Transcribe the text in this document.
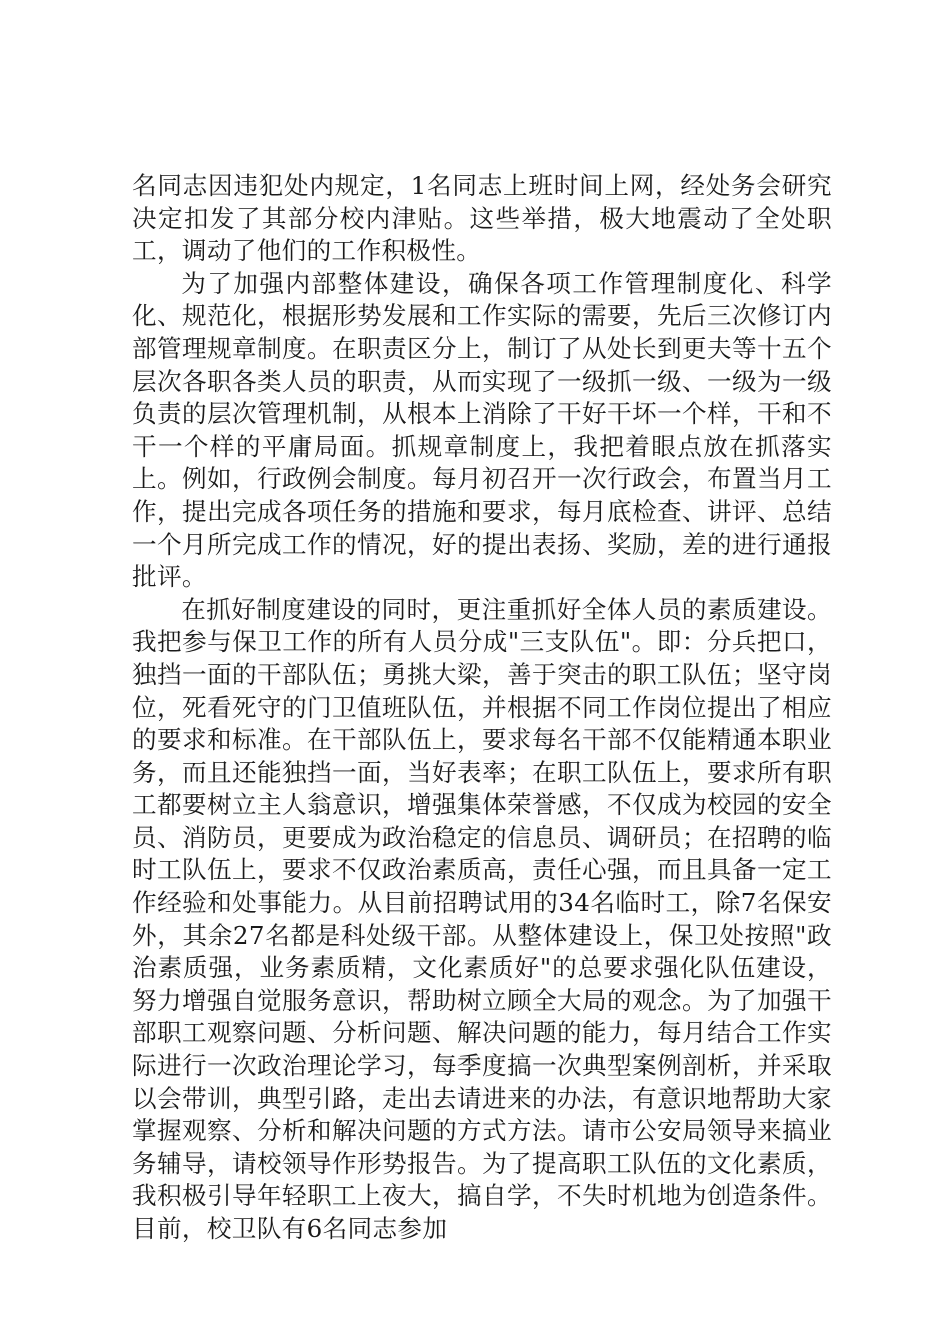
名同志因违犯处内规定，1名同志上班时间上网，经处务会研究决定扣发了其部分校内津贴。这些举措，极大地震动了全处职工，调动了他们的工作积极性。

为了加强内部整体建设，确保各项工作管理制度化、科学化、规范化，根据形势发展和工作实际的需要，先后三次修订内部管理规章制度。在职责区分上，制订了从处长到更夫等十五个层次各职各类人员的职责，从而实现了一级抓一级、一级为一级负责的层次管理机制，从根本上消除了干好干坏一个样，干和不干一个样的平庸局面。抓规章制度上，我把着眼点放在抓落实上。例如，行政例会制度。每月初召开一次行政会，布置当月工作，提出完成各项任务的措施和要求，每月底检查、讲评、总结一个月所完成工作的情况，好的提出表扬、奖励，差的进行通报批评。

在抓好制度建设的同时，更注重抓好全体人员的素质建设。我把参与保卫工作的所有人员分成"三支队伍"。即：分兵把口，独挡一面的干部队伍；勇挑大梁，善于突击的职工队伍；坚守岗位，死看死守的门卫值班队伍，并根据不同工作岗位提出了相应的要求和标准。在干部队伍上，要求每名干部不仅能精通本职业务，而且还能独挡一面，当好表率；在职工队伍上，要求所有职工都要树立主人翁意识，增强集体荣誉感，不仅成为校园的安全员、消防员，更要成为政治稳定的信息员、调研员；在招聘的临时工队伍上，要求不仅政治素质高，责任心强，而且具备一定工作经验和处事能力。从目前招聘试用的34名临时工，除7名保安外，其余27名都是科处级干部。从整体建设上，保卫处按照"政治素质强，业务素质精，文化素质好"的总要求强化队伍建设，努力增强自觉服务意识，帮助树立顾全大局的观念。为了加强干部职工观察问题、分析问题、解决问题的能力，每月结合工作实际进行一次政治理论学习，每季度搞一次典型案例剖析，并采取以会带训，典型引路，走出去请进来的办法，有意识地帮助大家掌握观察、分析和解决问题的方式方法。请市公安局领导来搞业务辅导，请校领导作形势报告。为了提高职工队伍的文化素质，我积极引导年轻职工上夜大，搞自学，不失时机地为创造条件。目前，校卫队有6名同志参加
